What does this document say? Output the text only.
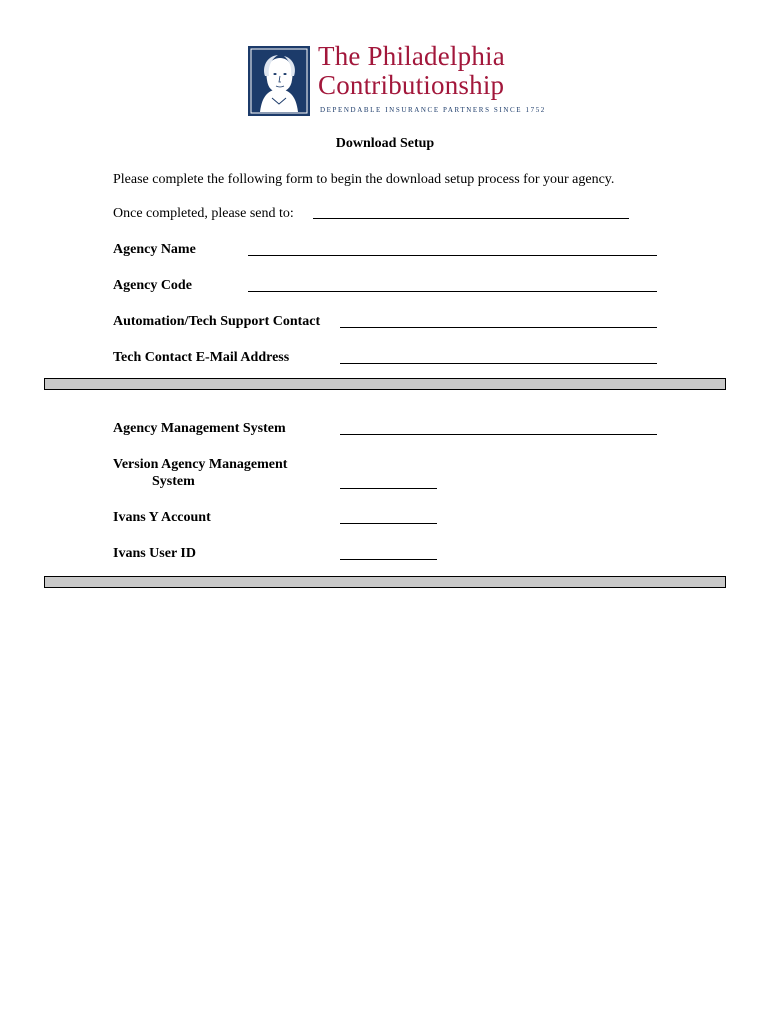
The Philadelphia
Contributionship
DEPENDABLE INSURANCE PARTNERS SINCE 1752
Download Setup
Please complete the following form to begin the download setup process for your agency.
Once completed, please send to:
Agency Name
Agency Code
Automation/Tech Support Contact
Tech Contact E-Mail Address
Agency Management System
Version Agency Management
System
Ivans Y Account
Ivans User ID
